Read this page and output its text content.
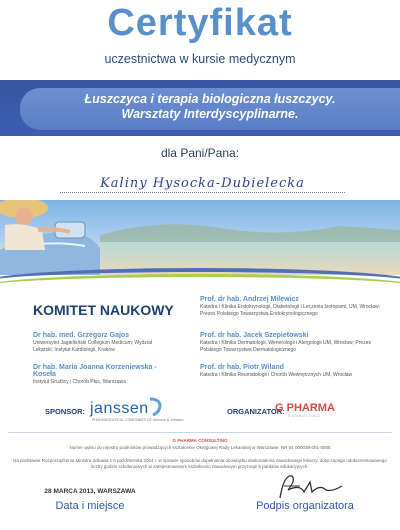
Certyfikat
uczestnictwa w kursie medycznym
Łuszczyca i terapia biologiczna łuszczycy.
Warsztaty Interdyscyplinarne.
dla Pani/Pana:
Kaliny Hysocka-Dubielecka
KOMITET NAUKOWY
Dr hab. med. Grzegorz Gajos
Uniwersytet Jagielloński Collegium Medicum; Wydział Lekarski; Instytut Kardiologii, Kraków
Dr hab. Maria Joanna Korzeniewska - Koseła
Instytut Gruźlicy i Chorób Płuc, Warszawa
Prof. dr hab. Andrzej Milewicz
Katedra i Klinika Endokrynologii, Diabetologii i Leczenia Izotopami, UM, Wrocław; Prezes Polskiego Towarzystwa Endokrynologicznego
Prof. dr hab. Jacek Szepietowski
Katedra i Klinika Dermatologii, Wenerologii i Alergologii UM, Wrocław; Prezes Polskiego Towarzystwa Dermatologicznego
Prof. dr hab. Piotr Wiland
Katedra i Klinika Reumatologii i Chorób Wewnętrznych UM, Wrocław
SPONSOR: janssen
PHARMACEUTICAL COMPANIES OF Johnson & Johnson
ORGANIZATOR:
G PHARMA
CONSULTING
G PHARMA CONSULTING
Numer wpisu do rejestru podmiotów prowadzących kształcenie Okręgowej Rady Lekarskiej w Warszawie: NR 04 000038-001-0005
Na podstawie Rozporządzenia Ministra Zdrowia z 6 października 2004 r. w sprawie sposobów dopełnienia obowiązku doskonalenia zawodowego lekarzy, dotyczącego udokumentowanego
liczby godzin szkoleniowych w zarejestrowanym kształceniu zawodowym przyznaje 5 punktów edukacyjnych.
28 MARCA 2013, WARSZAWA
Data i miejsce	Podpis organizatora
